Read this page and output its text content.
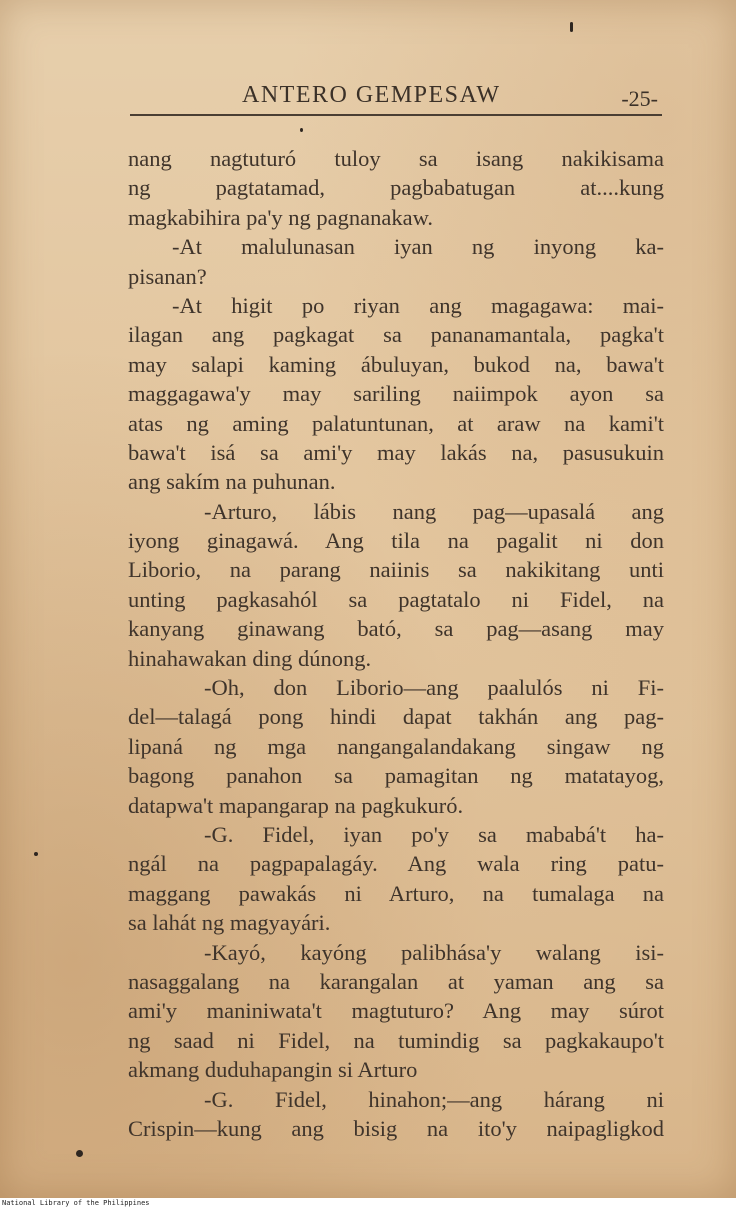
ANTERO GEMPESAW	-25-
nang nagtuturó tuloy sa isang nakikisama
ng pagtatamad, pagbabatugan at....kung
magkabihira pa'y ng pagnanakaw.
-At malulunasan iyan ng inyong ka-
pisanan?
-At higit po riyan ang magagawa: mai-
ilagan ang pagkagat sa pananamantala, pagka't
may salapi kaming ábuluyan, bukod na, bawa't
maggagawa'y may sariling naiimpok ayon sa
atas ng aming palatuntunan, at araw na kami't
bawa't isá sa ami'y may lakás na, pasusukuin
ang sakím na puhunan.
-Arturo, lábis nang pag—upasalá ang
iyong ginagawá. Ang tila na pagalit ni don
Liborio, na parang naiinis sa nakikitang unti
unting pagkasahól sa pagtatalo ni Fidel, na
kanyang ginawang bató, sa pag—asang may
hinahawakan ding dúnong.
-Oh, don Liborio—ang paalulós ni Fi-
del—talagá pong hindi dapat takhán ang pag-
lipaná ng mga nangangalandakang singaw ng
bagong panahon sa pamagitan ng matatayog,
datapwa't mapangarap na pagkukuró.
-G. Fidel, iyan po'y sa mababá't ha-
ngál na pagpapalagáy. Ang wala ring patu-
maggang pawakás ni Arturo, na tumalaga na
sa lahát ng magyayári.
-Kayó, kayóng palibhása'y walang isi-
nasaggalang na karangalan at yaman ang sa
ami'y maniniwata't magtuturo? Ang may súrot
ng saad ni Fidel, na tumindig sa pagkakaupo't
akmang duduhapangin si Arturo
-G. Fidel, hinahon;—ang hárang ni
Crispin—kung ang bisig na ito'y naipagligkod
National Library of the Philippines
